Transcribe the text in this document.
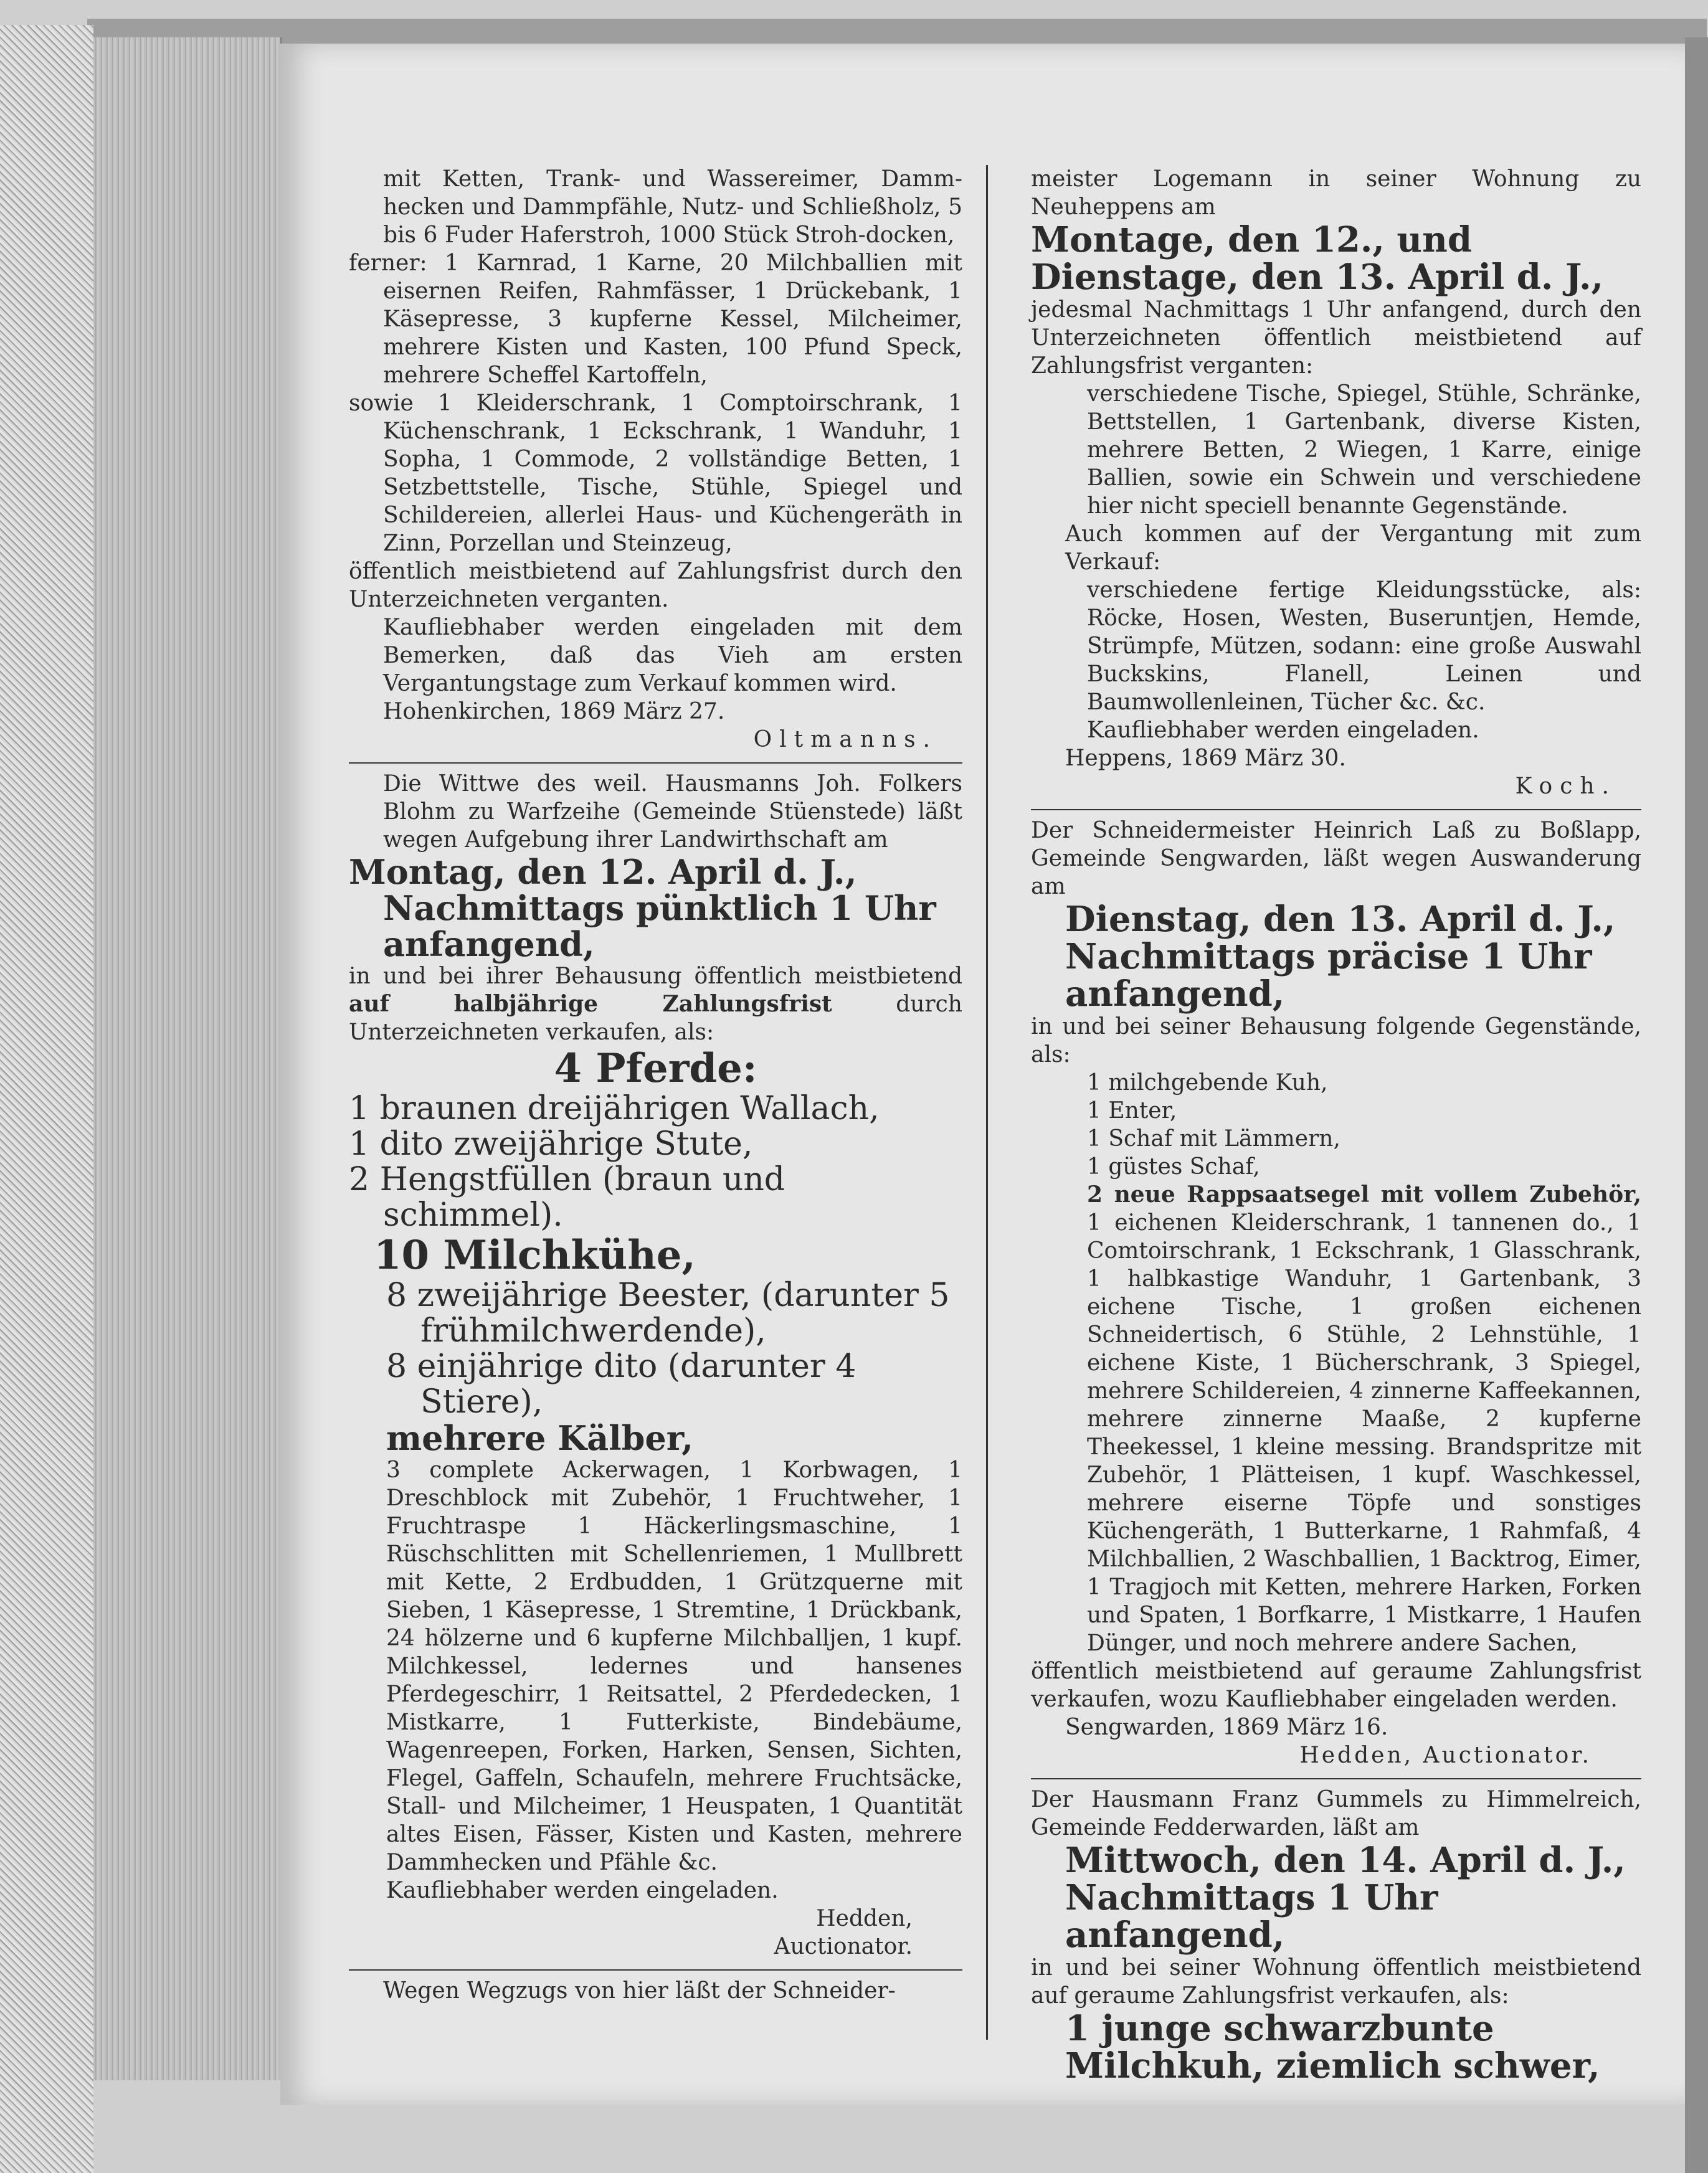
mit Ketten, Trank- und Wassereimer, Damm-hecken und Dammpfähle, Nutz- und Schließholz, 5 bis 6 Fuder Haferstroh, 1000 Stück Stroh-docken,

ferner: 1 Karnrad, 1 Karne, 20 Milchballien mit eisernen Reifen, Rahmfässer, 1 Drückebank, 1 Käsepresse, 3 kupferne Kessel, Milcheimer, mehrere Kisten und Kasten, 100 Pfund Speck, mehrere Scheffel Kartoffeln,

sowie 1 Kleiderschrank, 1 Comptoirschrank, 1 Küchenschrank, 1 Eckschrank, 1 Wanduhr, 1 Sopha, 1 Commode, 2 vollständige Betten, 1 Setzbettstelle, Tische, Stühle, Spiegel und Schildereien, allerlei Haus- und Küchengeräth in Zinn, Porzellan und Steinzeug,

öffentlich meistbietend auf Zahlungsfrist durch den Unterzeichneten verganten.

Kaufliebhaber werden eingeladen mit dem Bemerken, daß das Vieh am ersten Vergantungstage zum Verkauf kommen wird.

Hohenkirchen, 1869 März 27.

Oltmanns.

Die Wittwe des weil. Hausmanns Joh. Folkers Blohm zu Warfzeihe (Gemeinde Stüenstede) läßt wegen Aufgebung ihrer Landwirthschaft am

Montag, den 12. April d. J.,

Nachmittags pünktlich 1 Uhr anfangend,

in und bei ihrer Behausung öffentlich meistbietend auf halbjährige Zahlungsfrist	durch Unterzeichneten verkaufen, als:

4 Pferde:

1 braunen dreijährigen Wallach,

1 dito zweijährige Stute,

2 Hengstfüllen (braun und schimmel).

10 Milchkühe,

8 zweijährige Beester, (darunter 5 frühmilchwerdende),

8 einjährige dito (darunter 4 Stiere),

mehrere Kälber,

3 complete Ackerwagen, 1 Korbwagen, 1 Dreschblock mit Zubehör, 1 Fruchtweher, 1 Fruchtraspe 1 Häckerlingsmaschine, 1 Rüschschlitten mit Schellenriemen, 1 Mullbrett mit Kette, 2 Erdbudden, 1 Grützquerne mit Sieben, 1 Käsepresse, 1 Stremtine, 1 Drückbank, 24 hölzerne und 6 kupferne Milchballjen, 1 kupf. Milchkessel, ledernes und hansenes Pferdegeschirr, 1 Reitsattel, 2 Pferdedecken, 1 Mistkarre, 1 Futterkiste, Bindebäume, Wagenreepen, Forken, Harken, Sensen, Sichten, Flegel, Gaffeln, Schaufeln, mehrere Fruchtsäcke, Stall- und Milcheimer, 1 Heuspaten, 1 Quantität altes Eisen, Fässer, Kisten und Kasten, mehrere Dammhecken und Pfähle &c.

Kaufliebhaber werden eingeladen.

Hedden,

Auctionator.

Wegen Wegzugs von hier läßt der Schneider-

meister Logemann in seiner Wohnung zu Neuheppens am

Montage, den 12., und Dienstage, den 13. April d. J.,

jedesmal Nachmittags 1 Uhr anfangend, durch den Unterzeichneten öffentlich meistbietend auf Zahlungsfrist verganten:

verschiedene Tische, Spiegel, Stühle, Schränke, Bettstellen, 1 Gartenbank, diverse Kisten, mehrere Betten, 2 Wiegen, 1 Karre, einige Ballien, sowie ein Schwein und verschiedene hier nicht speciell benannte Gegenstände.

Auch kommen auf der Vergantung mit zum Verkauf:

verschiedene fertige Kleidungsstücke, als: Röcke, Hosen, Westen, Buseruntjen, Hemde, Strümpfe, Mützen, sodann: eine große Auswahl Buckskins, Flanell, Leinen und Baumwollenleinen, Tücher &c. &c.

Kaufliebhaber werden eingeladen.

Heppens, 1869 März 30.

Koch.

Der Schneidermeister Heinrich Laß zu Boßlapp, Gemeinde Sengwarden, läßt wegen Auswanderung am

Dienstag, den 13. April d. J., Nachmittags präcise 1 Uhr anfangend,

in und bei seiner Behausung folgende Gegenstände, als:

1 milchgebende Kuh,

1 Enter,

1 Schaf mit Lämmern,

1 güstes Schaf,

2 neue Rappsaatsegel mit vollem Zubehör, 1 eichenen Kleiderschrank, 1 tannenen do., 1 Comtoirschrank, 1 Eckschrank, 1 Glasschrank, 1 halbkastige Wanduhr, 1 Gartenbank, 3 eichene Tische, 1 großen eichenen Schneidertisch, 6 Stühle, 2 Lehnstühle, 1 eichene Kiste, 1 Bücherschrank, 3 Spiegel, mehrere Schildereien, 4 zinnerne Kaffeekannen, mehrere zinnerne Maaße, 2 kupferne Theekessel, 1 kleine messing. Brandspritze mit Zubehör, 1 Plätteisen, 1 kupf. Waschkessel, mehrere eiserne Töpfe und sonstiges Küchengeräth, 1 Butterkarne, 1 Rahmfaß, 4 Milchballien, 2 Waschballien, 1 Backtrog, Eimer, 1 Tragjoch mit Ketten, mehrere Harken, Forken und Spaten, 1 Borfkarre, 1 Mistkarre, 1 Haufen Dünger, und noch mehrere andere Sachen,

öffentlich meistbietend auf geraume Zahlungsfrist verkaufen, wozu Kaufliebhaber eingeladen werden.

Sengwarden, 1869 März 16.

Hedden, Auctionator.

Der Hausmann Franz Gummels zu Himmelreich, Gemeinde Fedderwarden, läßt am

Mittwoch, den 14. April d. J., Nachmittags 1 Uhr anfangend,

in und bei seiner Wohnung öffentlich meistbietend auf geraume Zahlungsfrist verkaufen, als:

1 junge schwarzbunte Milchkuh, ziemlich schwer,
